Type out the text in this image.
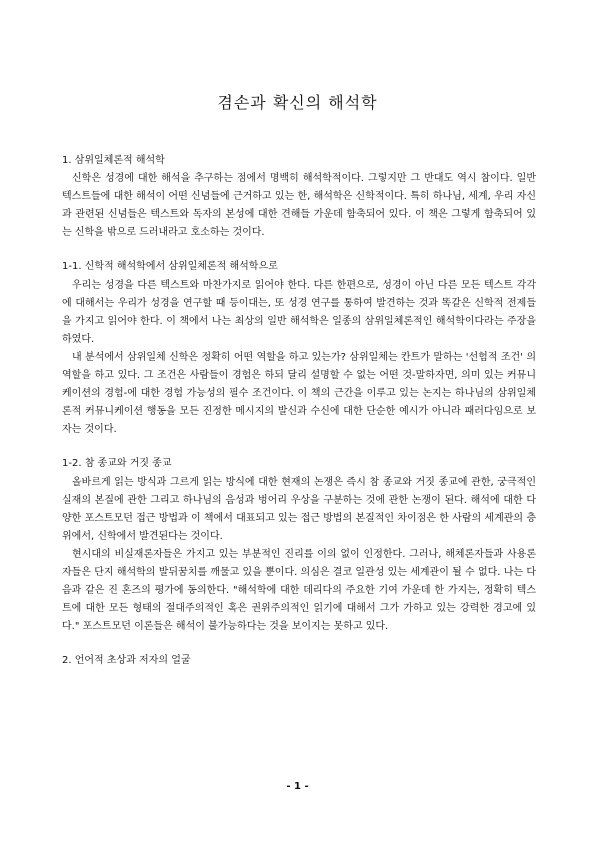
겸손과 확신의 해석학

1. 삼위일체론적 해석학

신학은 성경에 대한 해석을 추구하는 점에서 명백히 해석학적이다. 그렇지만 그 반대도 역시 참이다. 일반 텍스트들에 대한 해석이 어떤 신념들에 근거하고 있는 한, 해석학은 신학적이다. 특히 하나님, 세계, 우리 자신과 관련된 신념들은 텍스트와 독자의 본성에 대한 견해들 가운데 함축되어 있다. 이 책은 그렇게 함축되어 있는 신학을 밖으로 드러내라고 호소하는 것이다.

1-1. 신학적 해석학에서 삼위일체론적 해석학으로

우리는 성경을 다른 텍스트와 마찬가지로 읽어야 한다. 다른 한편으로, 성경이 아닌 다른 모든 텍스트 각각에 대해서는 우리가 성경을 연구할 때 등이대는, 또 성경 연구를 통하여 발견하는 것과 똑같은 신학적 전제들을 가지고 읽어야 한다. 이 책에서 나는 최상의 일반 해석학은 일종의 삼위일체론적인 해석학이다라는 주장을 하였다.

내 분석에서 삼위일체 신학은 정확히 어떤 역할을 하고 있는가? 삼위일체는 칸트가 말하는 '선험적 조건' 의 역할을 하고 있다. 그 조건은 사람들이 경험은 하되 달리 설명할 수 없는 어떤 것-말하자면, 의미 있는 커뮤니케이션의 경험-에 대한 경험 가능성의 필수 조건이다. 이 책의 근간을 이루고 있는 논지는 하나님의 삼위일체론적 커뮤니케이션 행동을 모든 진정한 메시지의 발신과 수신에 대한 단순한 예시가 아니라 패러다임으로 보자는 것이다.

1-2. 참 종교와 거짓 종교

올바르게 읽는 방식과 그르게 읽는 방식에 대한 현재의 논쟁은 즉시 참 종교와 거짓 종교에 관한, 궁극적인 실재의 본질에 관한 그리고 하나님의 음성과 벙어리 우상을 구분하는 것에 관한 논쟁이 된다. 해석에 대한 다양한 포스트모던 접근 방법과 이 책에서 대표되고 있는 접근 방법의 본질적인 차이점은 한 사람의 세계관의 층위에서, 신학에서 발견된다는 것이다.

현시대의 비실재론자들은 가지고 있는 부분적인 진리를 이의 없이 인정한다. 그러나, 해체론자들과 사용론자들은 단지 해석학의 발뒤꿈치를 깨물고 있을 뿐이다. 의심은 결코 일관성 있는 세계관이 될 수 없다. 나는 다음과 같은 진 혼즈의 평가에 동의한다. "해석학에 대한 데리다의 주요한 기여 가운데 한 가지는, 정확히 텍스트에 대한 모든 형태의 절대주의적인 혹은 권위주의적인 읽기에 대해서 그가 가하고 있는 강력한 경고에 있다." 포스트모던 이론들은 해석이 불가능하다는 것을 보이지는 못하고 있다.

2. 언어적 초상과 저자의 얼굴

- 1 -
